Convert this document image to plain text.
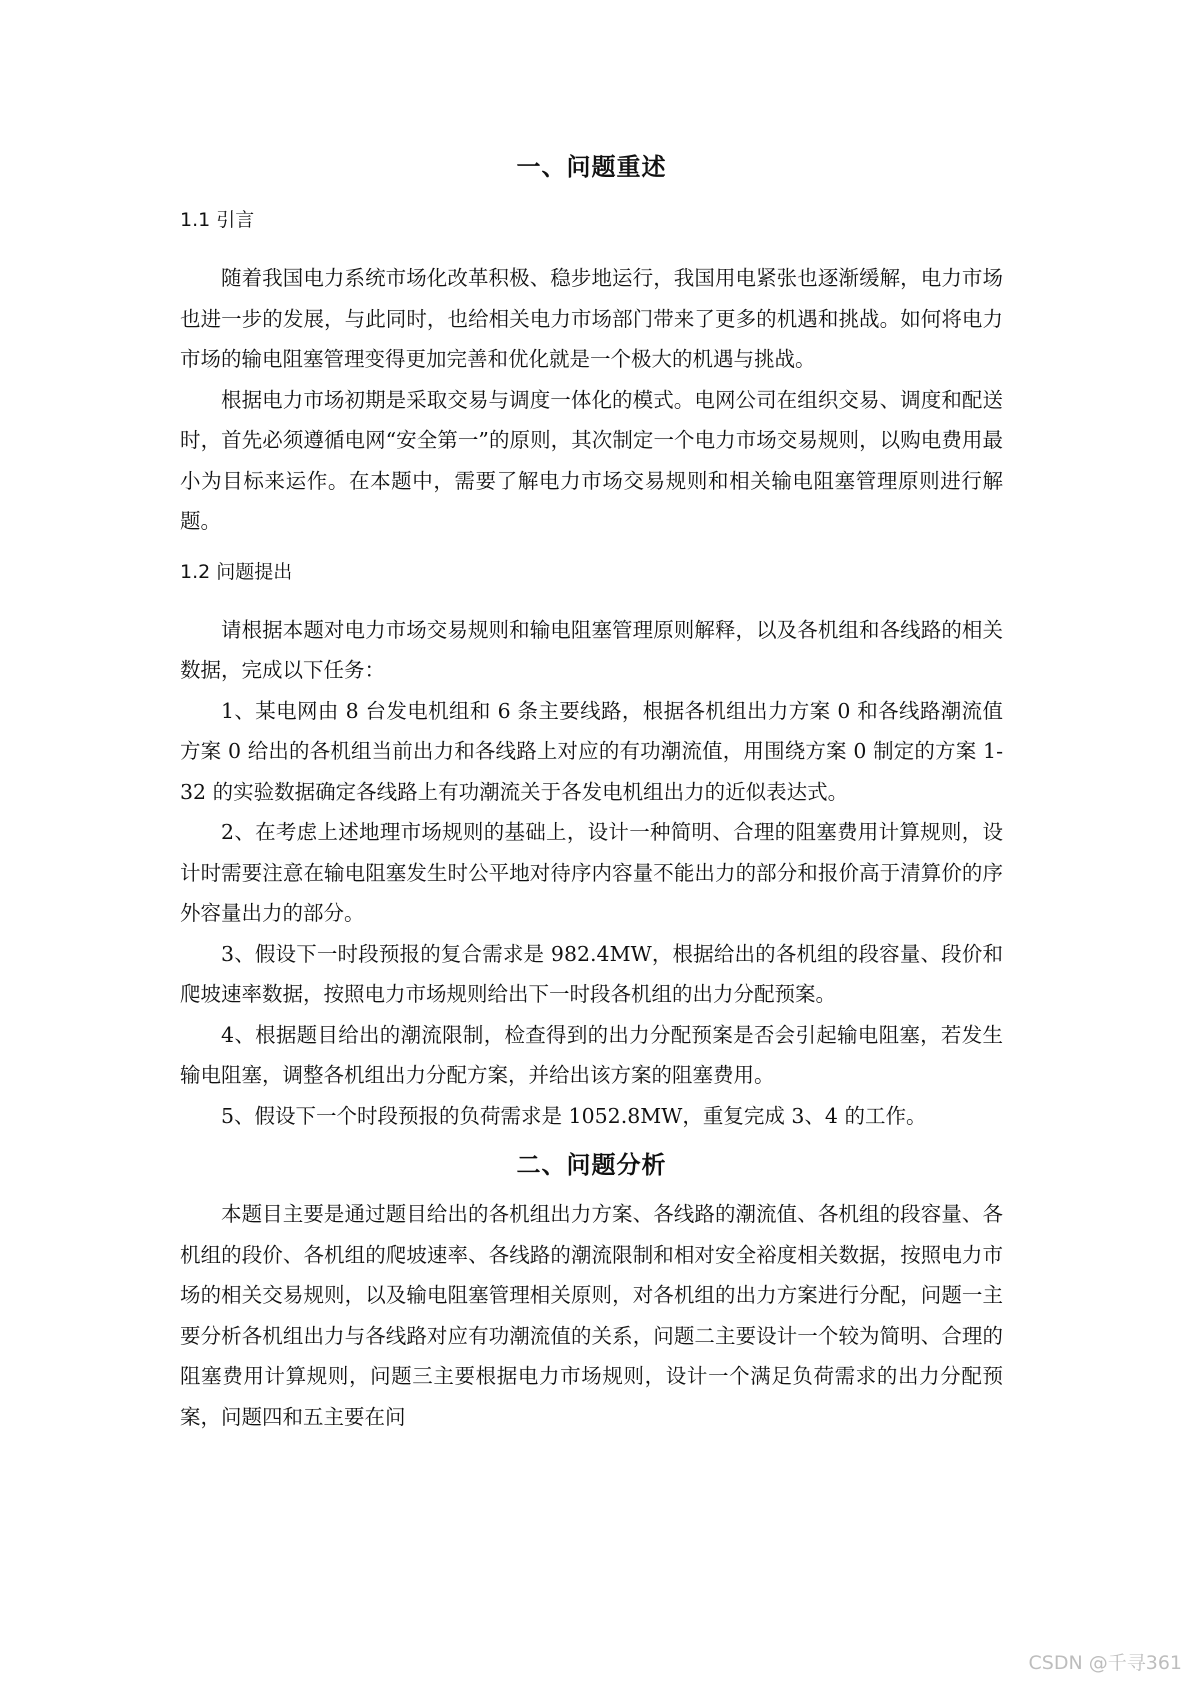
一、问题重述
1.1 引言

随着我国电力系统市场化改革积极、稳步地运行，我国用电紧张也逐渐缓解，电力市场也进一步的发展，与此同时，也给相关电力市场部门带来了更多的机遇和挑战。如何将电力市场的输电阻塞管理变得更加完善和优化就是一个极大的机遇与挑战。

根据电力市场初期是采取交易与调度一体化的模式。电网公司在组织交易、调度和配送时，首先必须遵循电网“安全第一”的原则，其次制定一个电力市场交易规则，以购电费用最小为目标来运作。在本题中，需要了解电力市场交易规则和相关输电阻塞管理原则进行解题。

1.2 问题提出

请根据本题对电力市场交易规则和输电阻塞管理原则解释，以及各机组和各线路的相关数据，完成以下任务：

1、某电网由 8 台发电机组和 6 条主要线路，根据各机组出力方案 0 和各线路潮流值方案 0 给出的各机组当前出力和各线路上对应的有功潮流值，用围绕方案 0 制定的方案 1-32 的实验数据确定各线路上有功潮流关于各发电机组出力的近似表达式。

2、在考虑上述地理市场规则的基础上，设计一种简明、合理的阻塞费用计算规则，设计时需要注意在输电阻塞发生时公平地对待序内容量不能出力的部分和报价高于清算价的序外容量出力的部分。

3、假设下一时段预报的复合需求是 982.4MW，根据给出的各机组的段容量、段价和爬坡速率数据，按照电力市场规则给出下一时段各机组的出力分配预案。

4、根据题目给出的潮流限制，检查得到的出力分配预案是否会引起输电阻塞，若发生输电阻塞，调整各机组出力分配方案，并给出该方案的阻塞费用。

5、假设下一个时段预报的负荷需求是 1052.8MW，重复完成 3、4 的工作。

二、问题分析

本题目主要是通过题目给出的各机组出力方案、各线路的潮流值、各机组的段容量、各机组的段价、各机组的爬坡速率、各线路的潮流限制和相对安全裕度相关数据，按照电力市场的相关交易规则，以及输电阻塞管理相关原则，对各机组的出力方案进行分配，问题一主要分析各机组出力与各线路对应有功潮流值的关系，问题二主要设计一个较为简明、合理的阻塞费用计算规则，问题三主要根据电力市场规则，设计一个满足负荷需求的出力分配预案，问题四和五主要在问

CSDN @千寻361
